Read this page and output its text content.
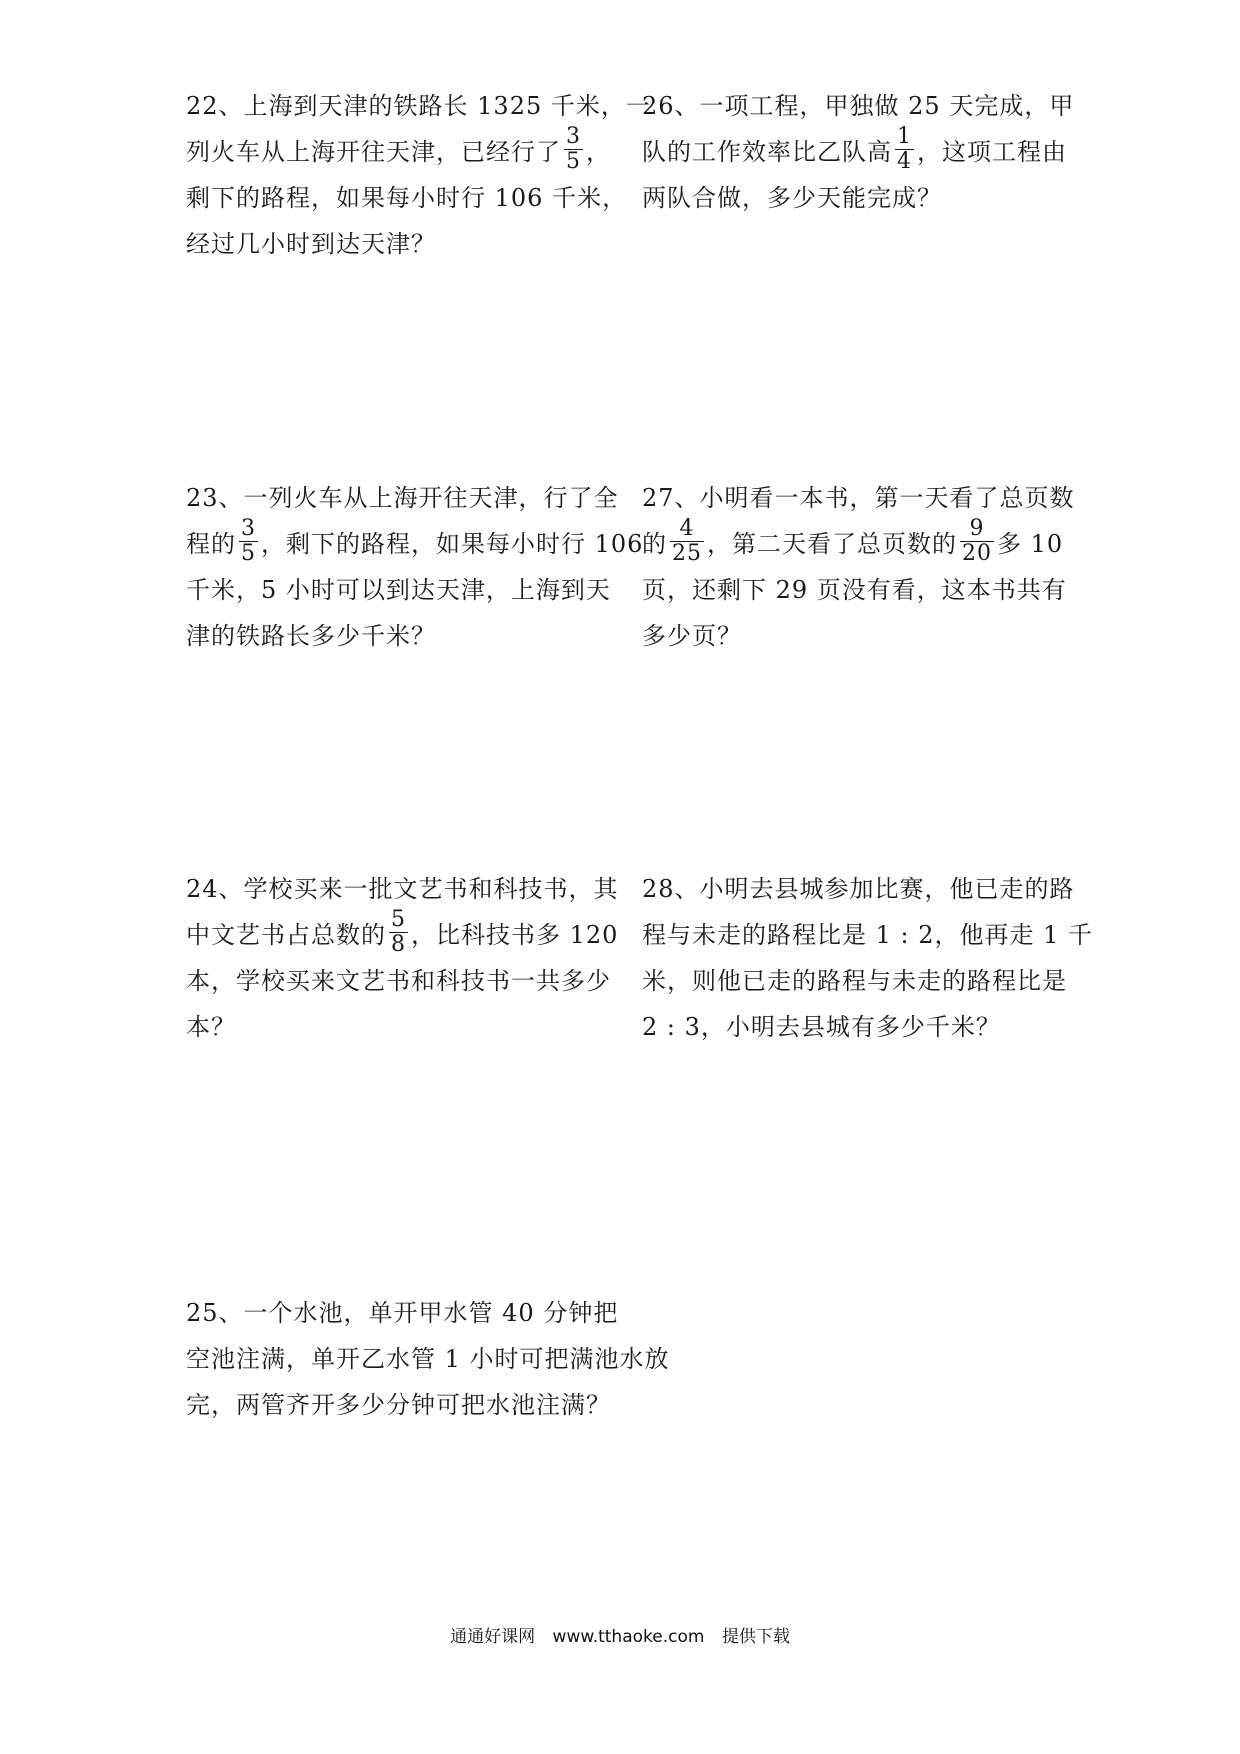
22、上海到天津的铁路长 1325 千米，一
列火车从上海开往天津，已经行了 $\frac{3}{5}$ ，
剩下的路程，如果每小时行 106 千米，
经过几小时到达天津？
26、一项工程，甲独做 25 天完成，甲
队的工作效率比乙队高 $\frac{1}{4}$ ，这项工程由
两队合做，多少天能完成？
23、一列火车从上海开往天津，行了全
程的 $\frac{3}{5}$ ，剩下的路程，如果每小时行 106
千米，5 小时可以到达天津，上海到天
津的铁路长多少千米？
27、小明看一本书，第一天看了总页数
的 $\frac{4}{25}$ ，第二天看了总页数的 $\frac{9}{20}$ 多 10
页，还剩下 29 页没有看，这本书共有
多少页？
24、学校买来一批文艺书和科技书，其
中文艺书占总数的 $\frac{5}{8}$ ，比科技书多 120
本，学校买来文艺书和科技书一共多少
本？
28、小明去县城参加比赛，他已走的路
程与未走的路程比是 1 : 2，他再走 1 千
米，则他已走的路程与未走的路程比是
2 : 3，小明去县城有多少千米？
25、一个水池，单开甲水管 40 分钟把
空池注满，单开乙水管 1 小时可把满池水放
完，两管齐开多少分钟可把水池注满？
通通好课网 www.tthaoke.com 提供下载
